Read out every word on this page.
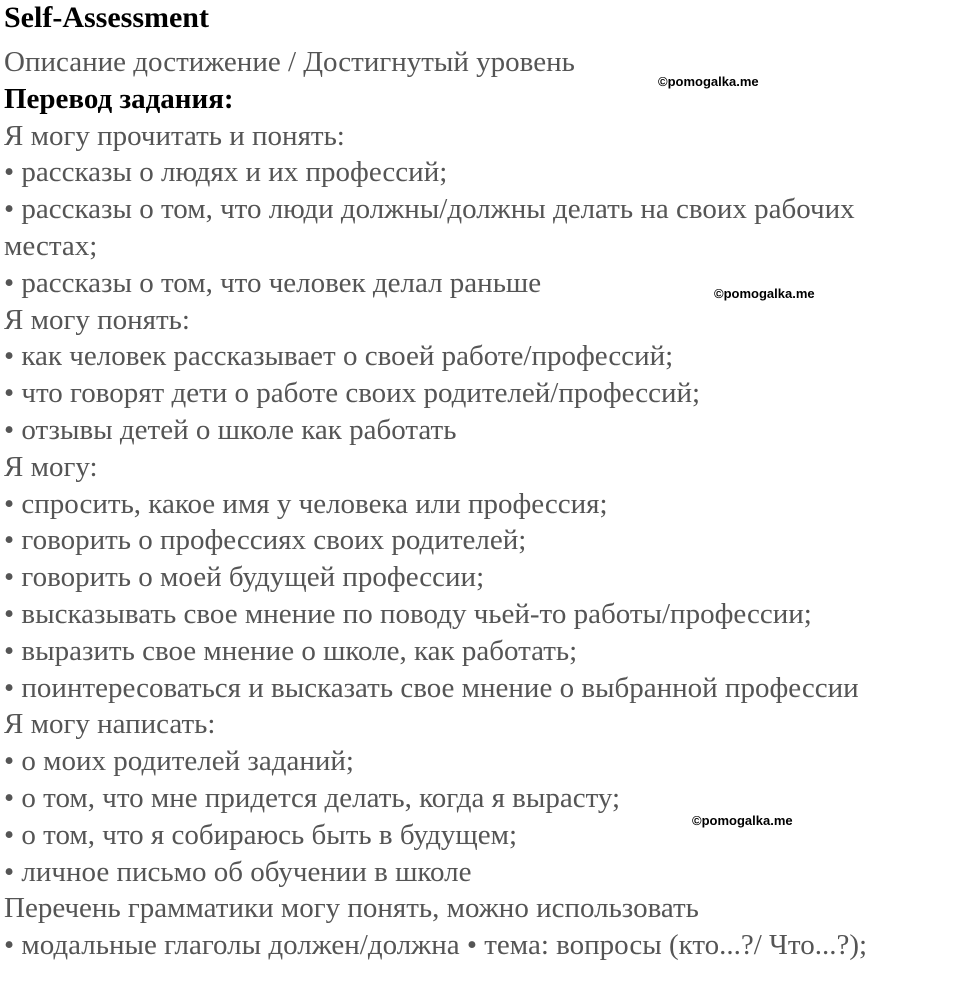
Self-Assessment
Описание достижение / Достигнутый уровень
Перевод задания:
Я могу прочитать и понять:
• рассказы о людях и их профессий;
• рассказы о том, что люди должны/должны делать на своих рабочих
местах;
• рассказы о том, что человек делал раньше
Я могу понять:
• как человек рассказывает о своей работе/профессий;
• что говорят дети о работе своих родителей/профессий;
• отзывы детей о школе как работать
Я могу:
• спросить, какое имя у человека или профессия;
• говорить о профессиях своих родителей;
• говорить о моей будущей профессии;
• высказывать свое мнение по поводу чьей-то работы/профессии;
• выразить свое мнение о школе, как работать;
• поинтересоваться и высказать свое мнение о выбранной профессии
Я могу написать:
• о моих родителей заданий;
• о том, что мне придется делать, когда я вырасту;
• о том, что я собираюсь быть в будущем;
• личное письмо об обучении в школе
Перечень грамматики могу понять, можно использовать
• модальные глаголы должен/должна • тема: вопросы (кто...?/ Что...?);
©pomogalka.me
©pomogalka.me
©pomogalka.me
